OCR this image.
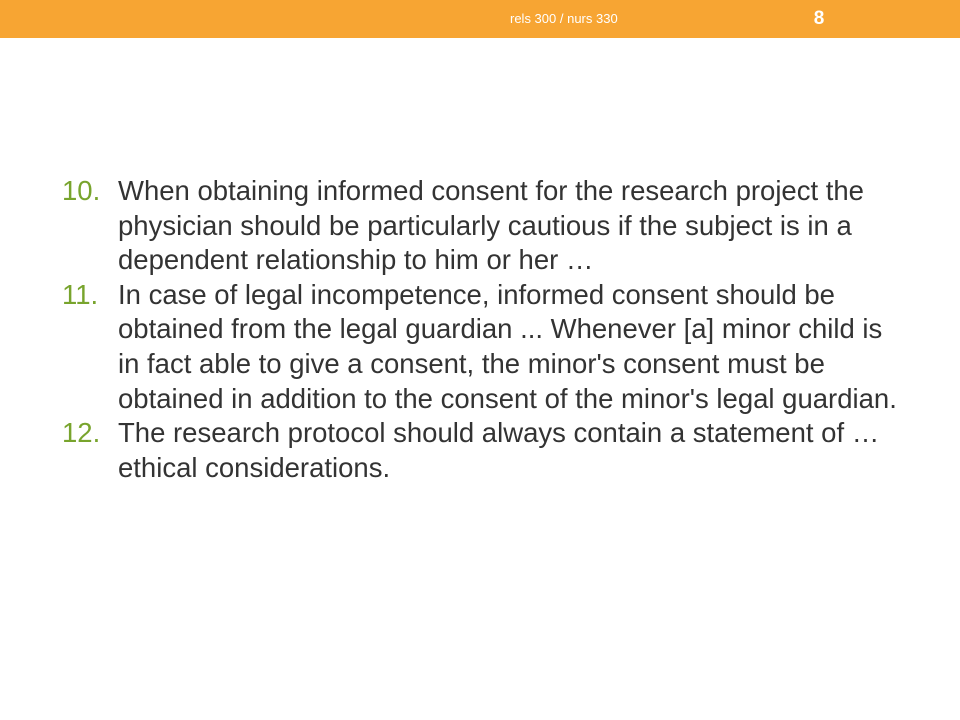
rels 300 / nurs 330	8
10. When obtaining informed consent for the research project the physician should be particularly cautious if the subject is in a dependent relationship to him or her …
11. In case of legal incompetence, informed consent should be obtained from the legal guardian ... Whenever [a] minor child is in fact able to give a consent, the minor's consent must be obtained in addition to the consent of the minor's legal guardian.
12. The research protocol should always contain a statement of … ethical considerations.
